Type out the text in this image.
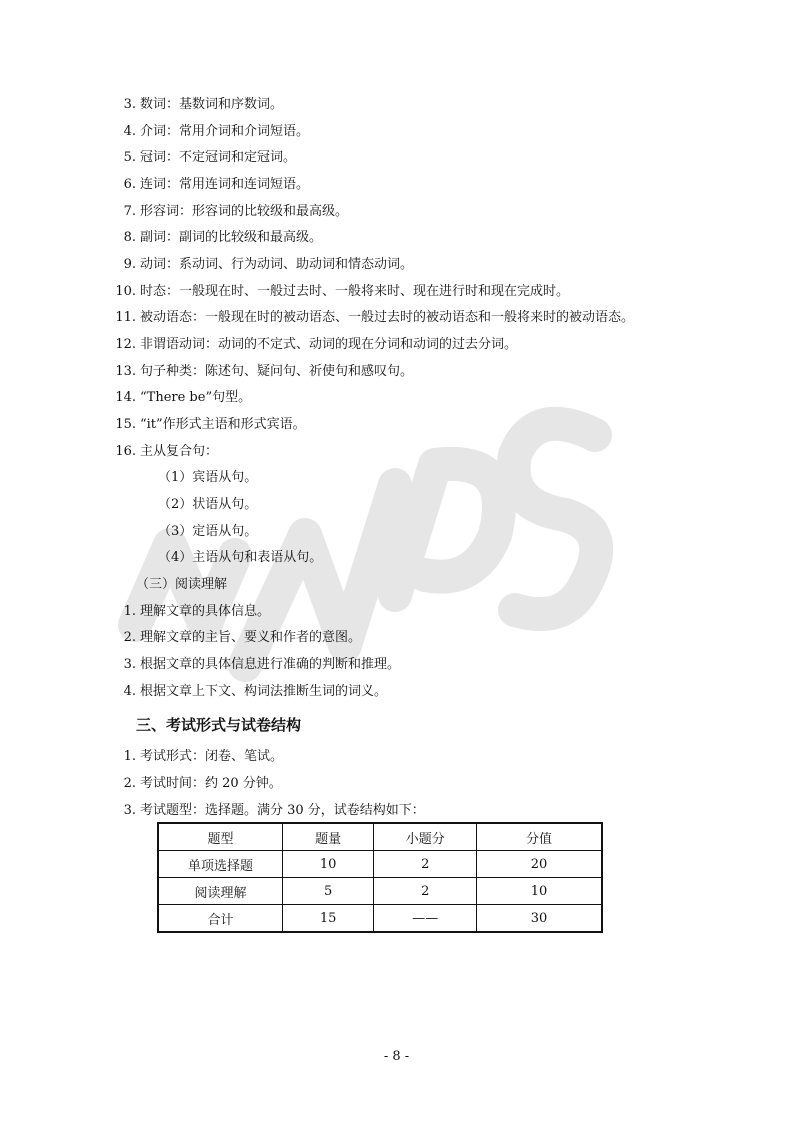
3. 数词：基数词和序数词。
4. 介词：常用介词和介词短语。
5. 冠词：不定冠词和定冠词。
6. 连词：常用连词和连词短语。
7. 形容词：形容词的比较级和最高级。
8. 副词：副词的比较级和最高级。
9. 动词：系动词、行为动词、助动词和情态动词。
10. 时态：一般现在时、一般过去时、一般将来时、现在进行时和现在完成时。
11. 被动语态：一般现在时的被动语态、一般过去时的被动语态和一般将来时的被动语态。
12. 非谓语动词：动词的不定式、动词的现在分词和动词的过去分词。
13. 句子种类：陈述句、疑问句、祈使句和感叹句。
14. “There be”句型。
15. “it”作形式主语和形式宾语。
16. 主从复合句：
（1）宾语从句。
（2）状语从句。
（3）定语从句。
（4）主语从句和表语从句。
（三）阅读理解
1. 理解文章的具体信息。
2. 理解文章的主旨、要义和作者的意图。
3. 根据文章的具体信息进行准确的判断和推理。
4. 根据文章上下文、构词法推断生词的词义。
三、考试形式与试卷结构
1. 考试形式：闭卷、笔试。
2. 考试时间：约 20 分钟。
3. 考试题型：选择题。满分 30 分，试卷结构如下：
题型	题量	小题分	分值
单项选择题	10	2	20
阅读理解	5	2	10
合计	15	——	30
- 8 -
